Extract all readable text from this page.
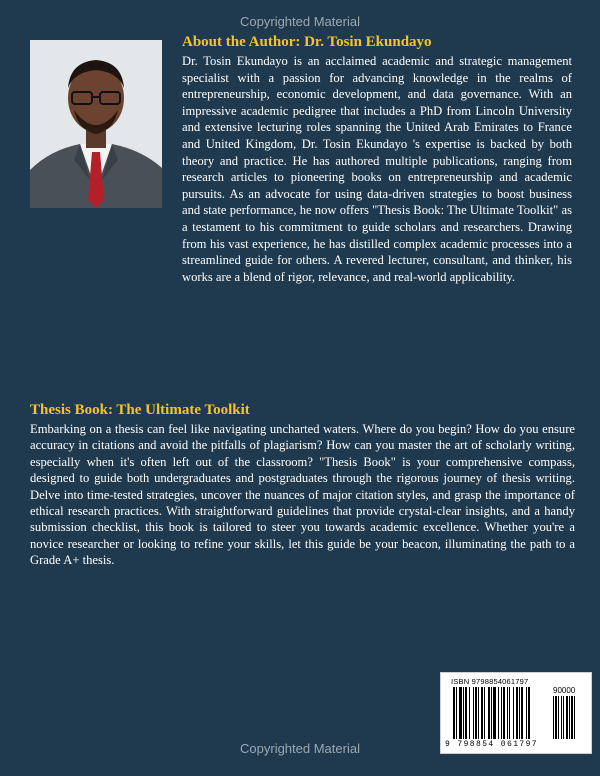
Copyrighted Material
About the Author: Dr. Tosin Ekundayo
Dr. Tosin Ekundayo is an acclaimed academic and strategic management specialist with a passion for advancing knowledge in the realms of entrepreneurship, economic development, and data governance. With an impressive academic pedigree that includes a PhD from Lincoln University and extensive lecturing roles spanning the United Arab Emirates to France and United Kingdom, Dr. Tosin Ekundayo 's expertise is backed by both theory and practice. He has authored multiple publications, ranging from research articles to pioneering books on entrepreneurship and academic pursuits. As an advocate for using data-driven strategies to boost business and state performance, he now offers "Thesis Book: The Ultimate Toolkit" as a testament to his commitment to guide scholars and researchers. Drawing from his vast experience, he has distilled complex academic processes into a streamlined guide for others. A revered lecturer, consultant, and thinker, his works are a blend of rigor, relevance, and real-world applicability.
Thesis Book: The Ultimate Toolkit
Embarking on a thesis can feel like navigating uncharted waters. Where do you begin? How do you ensure accuracy in citations and avoid the pitfalls of plagiarism? How can you master the art of scholarly writing, especially when it's often left out of the classroom? "Thesis Book" is your comprehensive compass, designed to guide both undergraduates and postgraduates through the rigorous journey of thesis writing. Delve into time-tested strategies, uncover the nuances of major citation styles, and grasp the importance of ethical research practices. With straightforward guidelines that provide crystal-clear insights, and a handy submission checklist, this book is tailored to steer you towards academic excellence. Whether you're a novice researcher or looking to refine your skills, let this guide be your beacon, illuminating the path to a Grade A+ thesis.
ISBN 9798854061797
90000
9 798854 061797
Copyrighted Material
